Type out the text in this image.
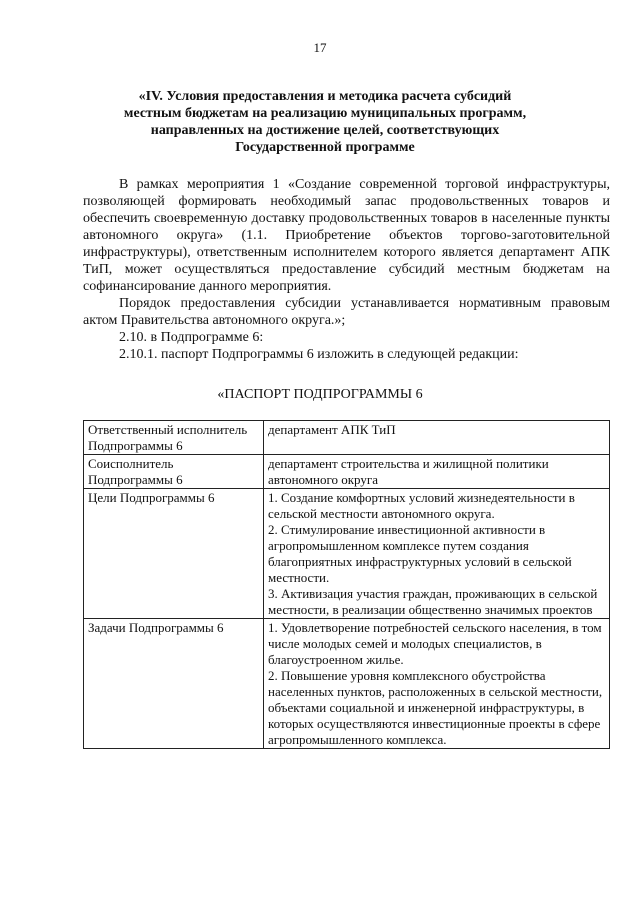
17
«IV. Условия предоставления и методика расчета субсидий
местным бюджетам на реализацию муниципальных программ,
направленных на достижение целей, соответствующих
Государственной программе

В рамках мероприятия 1 «Создание современной торговой инфраструктуры, позволяющей формировать необходимый запас продовольственных товаров и обеспечить своевременную доставку продовольственных товаров в населенные пункты автономного округа» (1.1. Приобретение объектов торгово-заготовительной инфраструктуры), ответственным исполнителем которого является департамент АПК ТиП, может осуществляться предоставление субсидий местным бюджетам на софинансирование данного мероприятия.

Порядок предоставления субсидии устанавливается нормативным правовым актом Правительства автономного округа.»;

2.10. в Подпрограмме 6:

2.10.1. паспорт Подпрограммы 6 изложить в следующей редакции:

«ПАСПОРТ ПОДПРОГРАММЫ 6
Ответственный исполнитель Подпрограммы 6	департамент АПК ТиП

Соисполнитель Подпрограммы 6	департамент строительства и жилищной политики автономного округа

Цели Подпрограммы 6	1. Создание комфортных условий жизнедеятельности в сельской местности автономного округа.
2. Стимулирование инвестиционной активности в агропромышленном комплексе путем создания благоприятных инфраструктурных условий в сельской местности.
3. Активизация участия граждан, проживающих в сельской местности, в реализации общественно значимых проектов

Задачи Подпрограммы 6	1. Удовлетворение потребностей сельского населения, в том числе молодых семей и молодых специалистов, в благоустроенном жилье.
2. Повышение уровня комплексного обустройства населенных пунктов, расположенных в сельской местности, объектами социальной и инженерной инфраструктуры, в которых осуществляются инвестиционные проекты в сфере агропромышленного комплекса.
